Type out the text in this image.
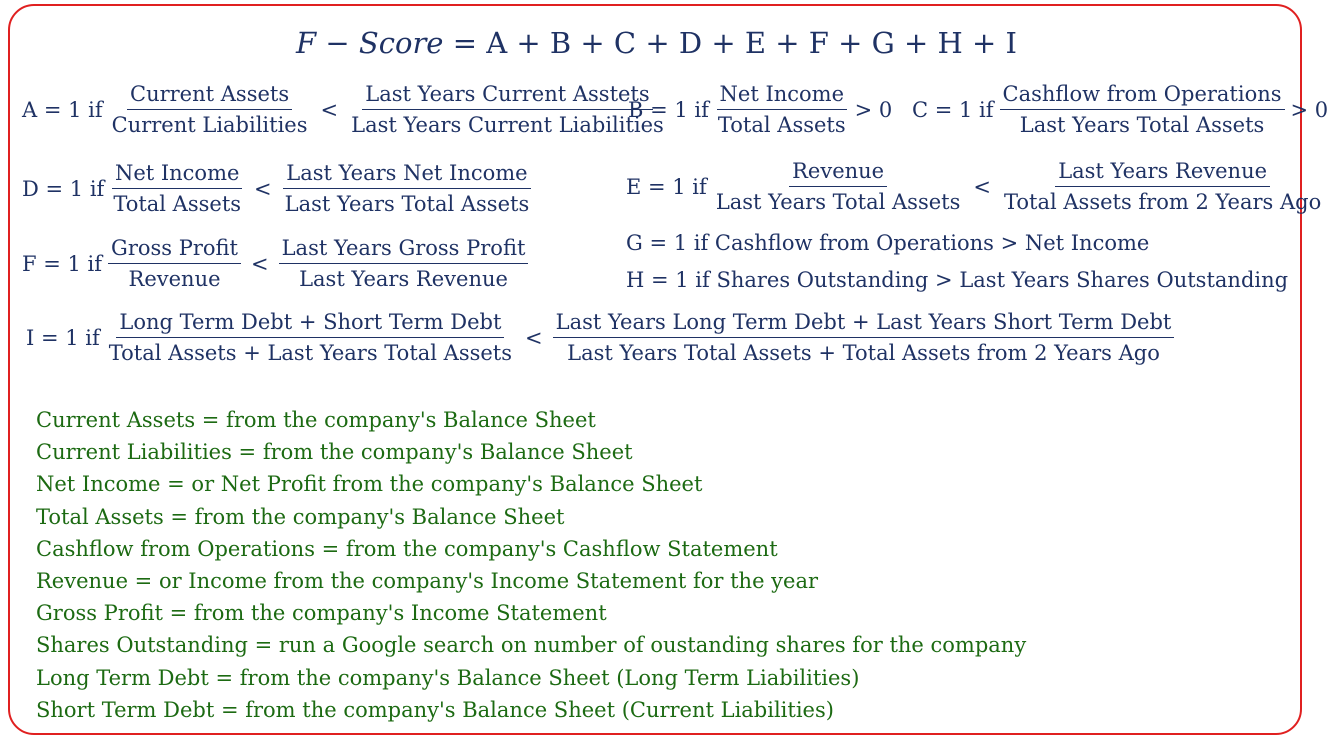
F − Score = A + B + C + D + E + F + G + H + I
A = 1 if $\frac{\text{Current Assets}}{\text{Current Liabilities}} < \frac{\text{Last Years Current Asstets}}{\text{Last Years Current Liabilities}}$
B = 1 if $\frac{\text{Net Income}}{\text{Total Assets}} > 0$ C = 1 if $\frac{\text{Cashflow from Operations}}{\text{Last Years Total Assets}} > 0$
D = 1 if $\frac{\text{Net Income}}{\text{Total Assets}} < \frac{\text{Last Years Net Income}}{\text{Last Years Total Assets}}$	E = 1 if $\frac{\text{Revenue}}{\text{Last Years Total Assets}} < \frac{\text{Last Years Revenue}}{\text{Total Assets from 2 Years Ago}}$
F = 1 if $\frac{\text{Gross Profit}}{\text{Revenue}} < \frac{\text{Last Years Gross Profit}}{\text{Last Years Revenue}}$	G = 1 if Cashflow from Operations > Net Income
H = 1 if Shares Outstanding > Last Years Shares Outstanding
I = 1 if $\frac{\text{Long Term Debt + Short Term Debt}}{\text{Total Assets + Last Years Total Assets}} < \frac{\text{Last Years Long Term Debt + Last Years Short Term Debt}}{\text{Last Years Total Assets + Total Assets from 2 Years Ago}}$
Current Assets = from the company's Balance Sheet
Current Liabilities = from the company's Balance Sheet
Net Income = or Net Profit from the company's Balance Sheet
Total Assets = from the company's Balance Sheet
Cashflow from Operations = from the company's Cashflow Statement
Revenue = or Income from the company's Income Statement for the year
Gross Profit = from the company's Income Statement
Shares Outstanding = run a Google search on number of oustanding shares for the company
Long Term Debt = from the company's Balance Sheet (Long Term Liabilities)
Short Term Debt = from the company's Balance Sheet (Current Liabilities)
